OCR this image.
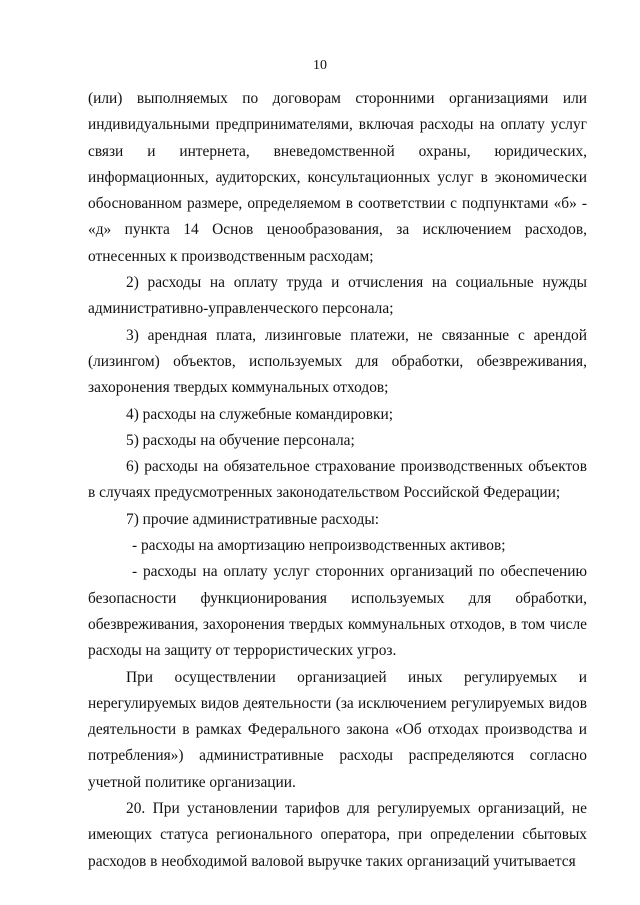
10

(или) выполняемых по договорам сторонними организациями или индивидуальными предпринимателями, включая расходы на оплату услуг связи и интернета, вневедомственной охраны, юридических, информационных, аудиторских, консультационных услуг в экономически обоснованном размере, определяемом в соответствии с подпунктами «б» - «д» пункта 14 Основ ценообразования, за исключением расходов, отнесенных к производственным расходам;

2) расходы на оплату труда и отчисления на социальные нужды административно-управленческого персонала;

3) арендная плата, лизинговые платежи, не связанные с арендой (лизингом) объектов, используемых для обработки, обезвреживания, захоронения твердых коммунальных отходов;

4) расходы на служебные командировки;

5) расходы на обучение персонала;

6) расходы на обязательное страхование производственных объектов в случаях предусмотренных законодательством Российской Федерации;

7) прочие административные расходы:

- расходы на амортизацию непроизводственных активов;

- расходы на оплату услуг сторонних организаций по обеспечению безопасности функционирования используемых для обработки, обезвреживания, захоронения твердых коммунальных отходов, в том числе расходы на защиту от террористических угроз.

При осуществлении организацией иных регулируемых и нерегулируемых видов деятельности (за исключением регулируемых видов деятельности в рамках Федерального закона «Об отходах производства и потребления») административные расходы распределяются согласно учетной политике организации.

20. При установлении тарифов для регулируемых организаций, не имеющих статуса регионального оператора, при определении сбытовых расходов в необходимой валовой выручке таких организаций учитывается
